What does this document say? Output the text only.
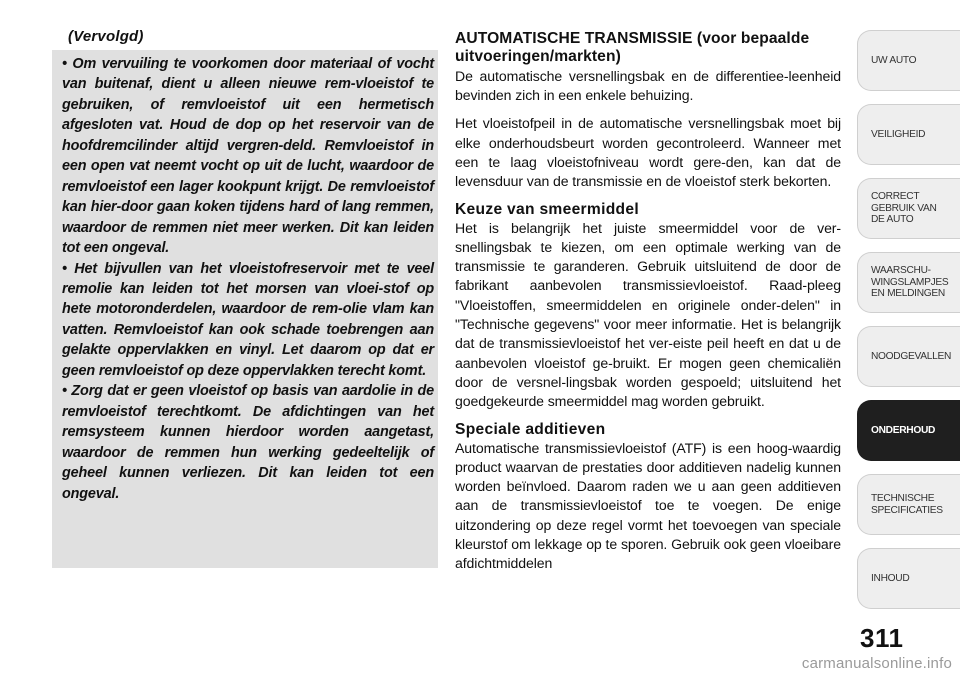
(Vervolgd)

• Om vervuiling te voorkomen door materiaal of vocht van buitenaf, dient u alleen nieuwe rem-vloeistof te gebruiken, of remvloeistof uit een hermetisch afgesloten vat. Houd de dop op het reservoir van de hoofdremcilinder altijd vergren-deld. Remvloeistof in een open vat neemt vocht op uit de lucht, waardoor de remvloeistof een lager kookpunt krijgt. De remvloeistof kan hier-door gaan koken tijdens hard of lang remmen, waardoor de remmen niet meer werken. Dit kan leiden tot een ongeval.

• Het bijvullen van het vloeistofreservoir met te veel remolie kan leiden tot het morsen van vloei-stof op hete motoronderdelen, waardoor de rem-olie vlam kan vatten. Remvloeistof kan ook schade toebrengen aan gelakte oppervlakken en vinyl. Let daarom op dat er geen remvloeistof op deze oppervlakken terecht komt.

• Zorg dat er geen vloeistof op basis van aardolie in de remvloeistof terechtkomt. De afdichtingen van het remsysteem kunnen hierdoor worden aangetast, waardoor de remmen hun werking gedeeltelijk of geheel kunnen verliezen. Dit kan leiden tot een ongeval.

AUTOMATISCHE TRANSMISSIE (voor bepaalde uitvoeringen/markten)

De automatische versnellingsbak en de differentiee-leenheid bevinden zich in een enkele behuizing.

Het vloeistofpeil in de automatische versnellingsbak moet bij elke onderhoudsbeurt worden gecontroleerd. Wanneer met een te laag vloeistofniveau wordt gere-den, kan dat de levensduur van de transmissie en de vloeistof sterk bekorten.

Keuze van smeermiddel

Het is belangrijk het juiste smeermiddel voor de ver-snellingsbak te kiezen, om een optimale werking van de transmissie te garanderen. Gebruik uitsluitend de door de fabrikant aanbevolen transmissievloeistof. Raad-pleeg "Vloeistoffen, smeermiddelen en originele onder-delen" in "Technische gegevens" voor meer informatie. Het is belangrijk dat de transmissievloeistof het ver-eiste peil heeft en dat u de aanbevolen vloeistof ge-bruikt. Er mogen geen chemicaliën door de versnel-lingsbak worden gespoeld; uitsluitend het goedgekeurde smeermiddel mag worden gebruikt.

Speciale additieven

Automatische transmissievloeistof (ATF) is een hoog-waardig product waarvan de prestaties door additieven nadelig kunnen worden beïnvloed. Daarom raden we u aan geen additieven aan de transmissievloeistof toe te voegen. De enige uitzondering op deze regel vormt het toevoegen van speciale kleurstof om lekkage op te sporen. Gebruik ook geen vloeibare afdichtmiddelen

UW AUTO
VEILIGHEID
CORRECT
GEBRUIK VAN
DE AUTO
WAARSCHU-
WINGSLAMPJES
EN MELDINGEN
NOODGEVALLEN
ONDERHOUD
TECHNISCHE
SPECIFICATIES
INHOUD
311
carmanualsonline.info
